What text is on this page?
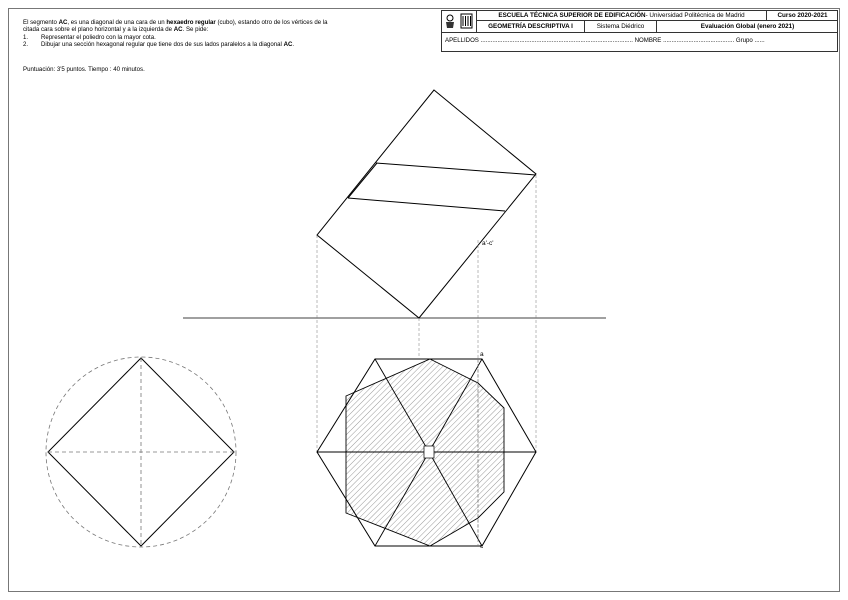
El segmento AC, es una diagonal de una cara de un hexaedro regular (cubo), estando otro de los vértices de la
citada cara sobre el plano horizontal y a la izquierda de AC. Se pide:
1.	Representar el poliedro con la mayor cota.
2.	Dibujar una sección hexagonal regular que tiene dos de sus lados paralelos a la diagonal AC.
Puntuación: 3'5 puntos. Tiempo : 40 minutos.
ESCUELA TÉCNICA SUPERIOR DE EDIFICACIÓN - Universidad Politécnica de Madrid	Curso 2020-2021
GEOMETRÍA DESCRIPTIVA I	Sistema Diédrico	Evaluación Global (enero 2021)
APELLIDOS .......................................................................................... NOMBRE .......................................... Grupo ......
a'-c'
a
c
